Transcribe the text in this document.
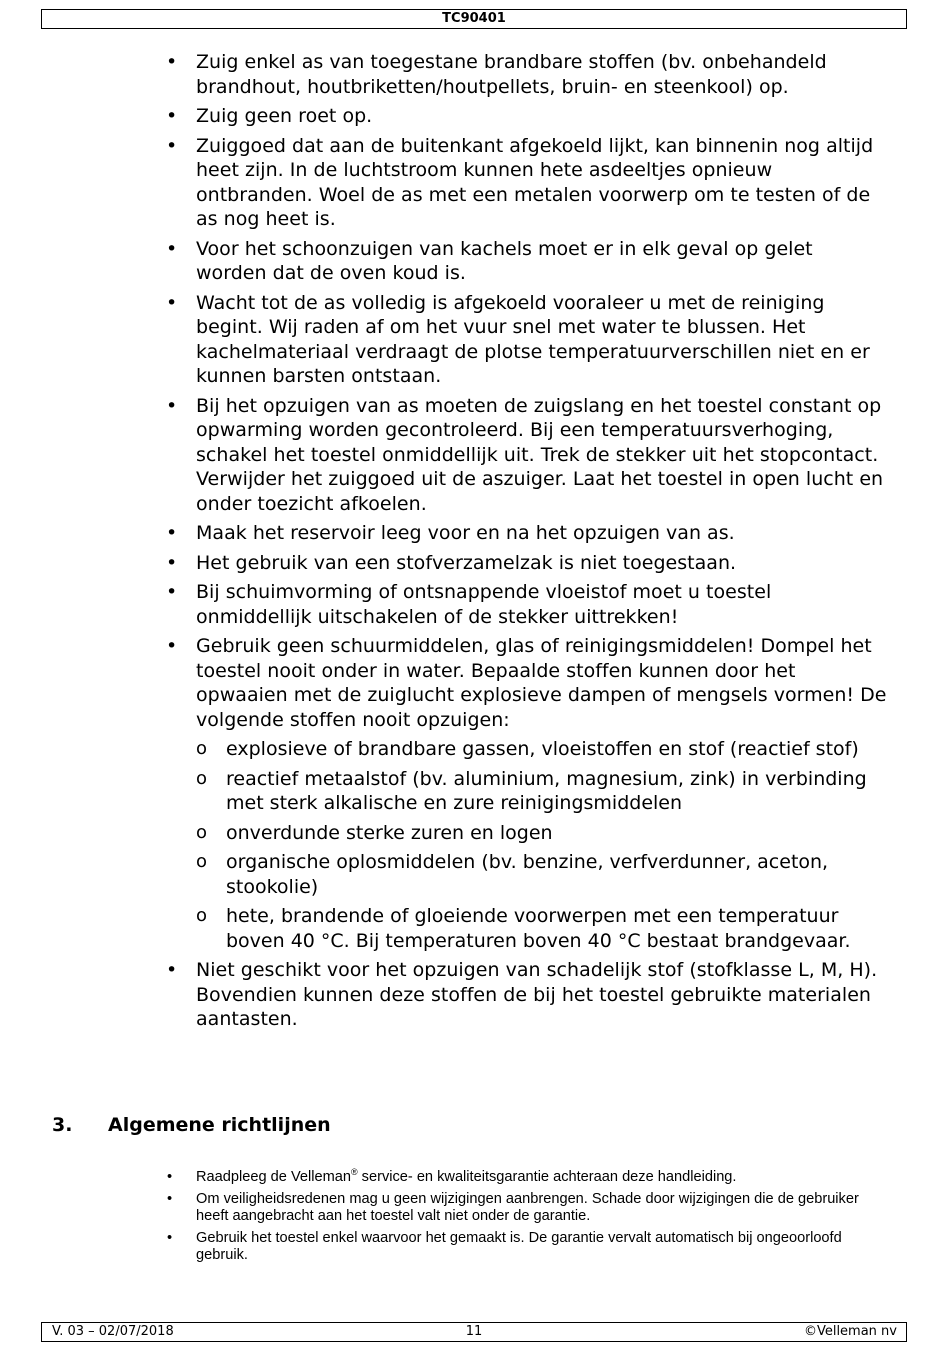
TC90401
• Zuig enkel as van toegestane brandbare stoffen (bv. onbehandeld brandhout, houtbriketten/houtpellets, bruin- en steenkool) op.
• Zuig geen roet op.
• Zuiggoed dat aan de buitenkant afgekoeld lijkt, kan binnenin nog altijd heet zijn. In de luchtstroom kunnen hete asdeeltjes opnieuw ontbranden. Woel de as met een metalen voorwerp om te testen of de as nog heet is.
• Voor het schoonzuigen van kachels moet er in elk geval op gelet worden dat de oven koud is.
• Wacht tot de as volledig is afgekoeld vooraleer u met de reiniging begint. Wij raden af om het vuur snel met water te blussen. Het kachelmateriaal verdraagt de plotse temperatuurverschillen niet en er kunnen barsten ontstaan.
• Bij het opzuigen van as moeten de zuigslang en het toestel constant op opwarming worden gecontroleerd. Bij een temperatuursverhoging, schakel het toestel onmiddellijk uit. Trek de stekker uit het stopcontact. Verwijder het zuiggoed uit de aszuiger. Laat het toestel in open lucht en onder toezicht afkoelen.
• Maak het reservoir leeg voor en na het opzuigen van as.
• Het gebruik van een stofverzamelzak is niet toegestaan.
• Bij schuimvorming of ontsnappende vloeistof moet u toestel onmiddellijk uitschakelen of de stekker uittrekken!
• Gebruik geen schuurmiddelen, glas of reinigingsmiddelen! Dompel het toestel nooit onder in water. Bepaalde stoffen kunnen door het opwaaien met de zuiglucht explosieve dampen of mengsels vormen! De volgende stoffen nooit opzuigen:
o explosieve of brandbare gassen, vloeistoffen en stof (reactief stof)
o reactief metaalstof (bv. aluminium, magnesium, zink) in verbinding met sterk alkalische en zure reinigingsmiddelen
o onverdunde sterke zuren en logen
o organische oplosmiddelen (bv. benzine, verfverdunner, aceton, stookolie)
o hete, brandende of gloeiende voorwerpen met een temperatuur boven 40 °C. Bij temperaturen boven 40 °C bestaat brandgevaar.
• Niet geschikt voor het opzuigen van schadelijk stof (stofklasse L, M, H). Bovendien kunnen deze stoffen de bij het toestel gebruikte materialen aantasten.
3. Algemene richtlijnen
• Raadpleeg de Velleman® service- en kwaliteitsgarantie achteraan deze handleiding.
• Om veiligheidsredenen mag u geen wijzigingen aanbrengen. Schade door wijzigingen die de gebruiker heeft aangebracht aan het toestel valt niet onder de garantie.
• Gebruik het toestel enkel waarvoor het gemaakt is. De garantie vervalt automatisch bij ongeoorloofd gebruik.
V. 03 – 02/07/2018	11	©Velleman nv
